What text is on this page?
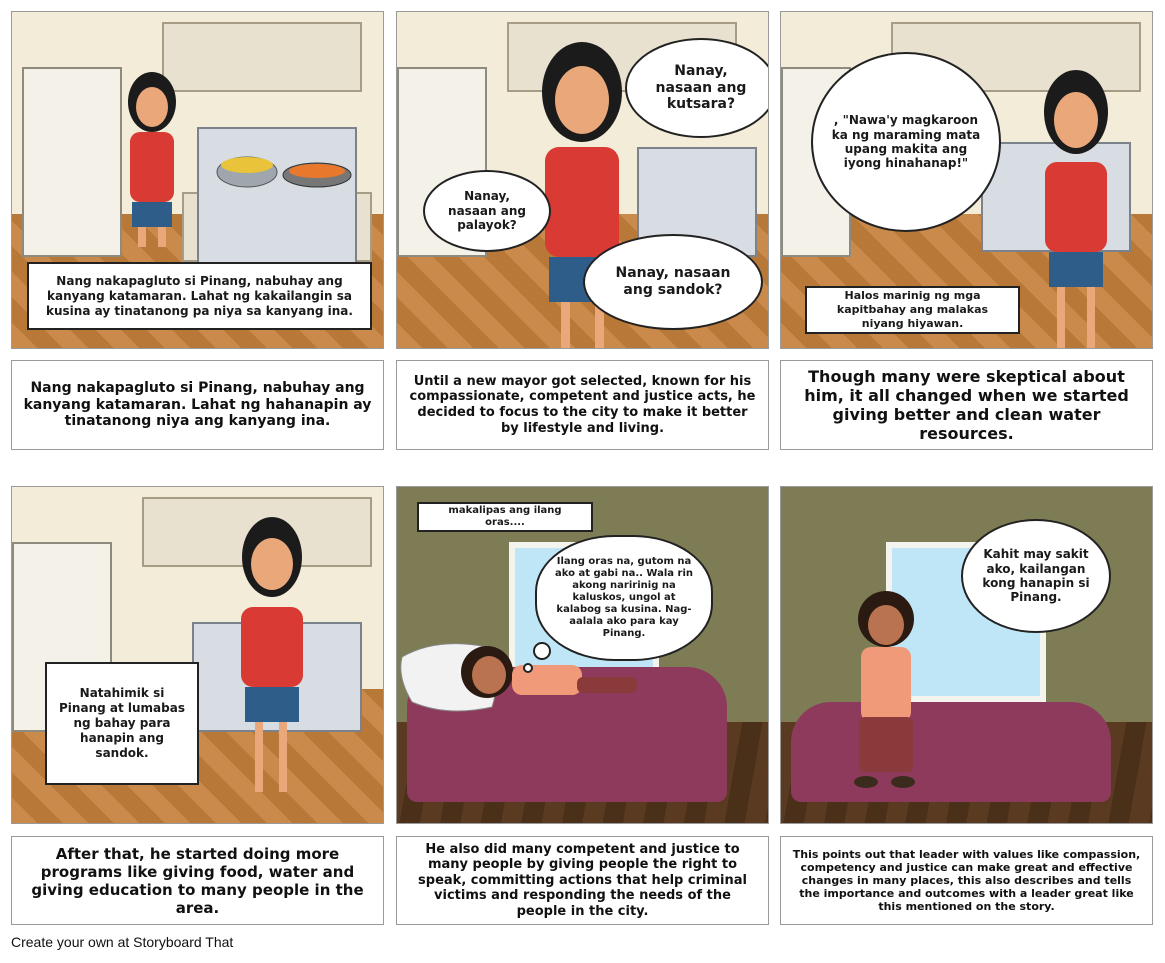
Nang nakapagluto si Pinang, nabuhay ang kanyang katamaran. Lahat ng kakailangin sa kusina ay tinatanong pa niya sa kanyang ina.
Nanay, nasaan ang kutsara?
Nanay, nasaan ang palayok?
Nanay, nasaan ang sandok?
, "Nawa'y magkaroon ka ng maraming mata upang makita ang iyong hinahanap!"
Halos marinig ng mga kapitbahay ang malakas niyang hiyawan.
Nang nakapagluto si Pinang, nabuhay ang kanyang katamaran. Lahat ng hahanapin ay tinatanong niya ang kanyang ina.
Until a new mayor got selected, known for his compassionate, competent and justice acts, he decided to focus to the city to make it better by lifestyle and living.
Though many were skeptical about him, it all changed when we started giving better and clean water resources.
Natahimik si Pinang at lumabas ng bahay para hanapin ang sandok.
makalipas ang ilang oras....
Ilang oras na, gutom na ako at gabi na.. Wala rin akong naririnig na kaluskos, ungol at kalabog sa kusina. Nag-aalala ako para kay Pinang.
Kahit may sakit ako, kailangan kong hanapin si Pinang.
After that, he started doing more programs like giving food, water and giving education to many people in the area.
He also did many competent and justice to many people by giving people the right to speak, committing actions that help criminal victims and responding the needs of the people in the city.
This points out that leader with values like compassion, competency and justice can make great and effective changes in many places, this also describes and tells the importance and outcomes with a leader great like this mentioned on the story.
Create your own at Storyboard That
